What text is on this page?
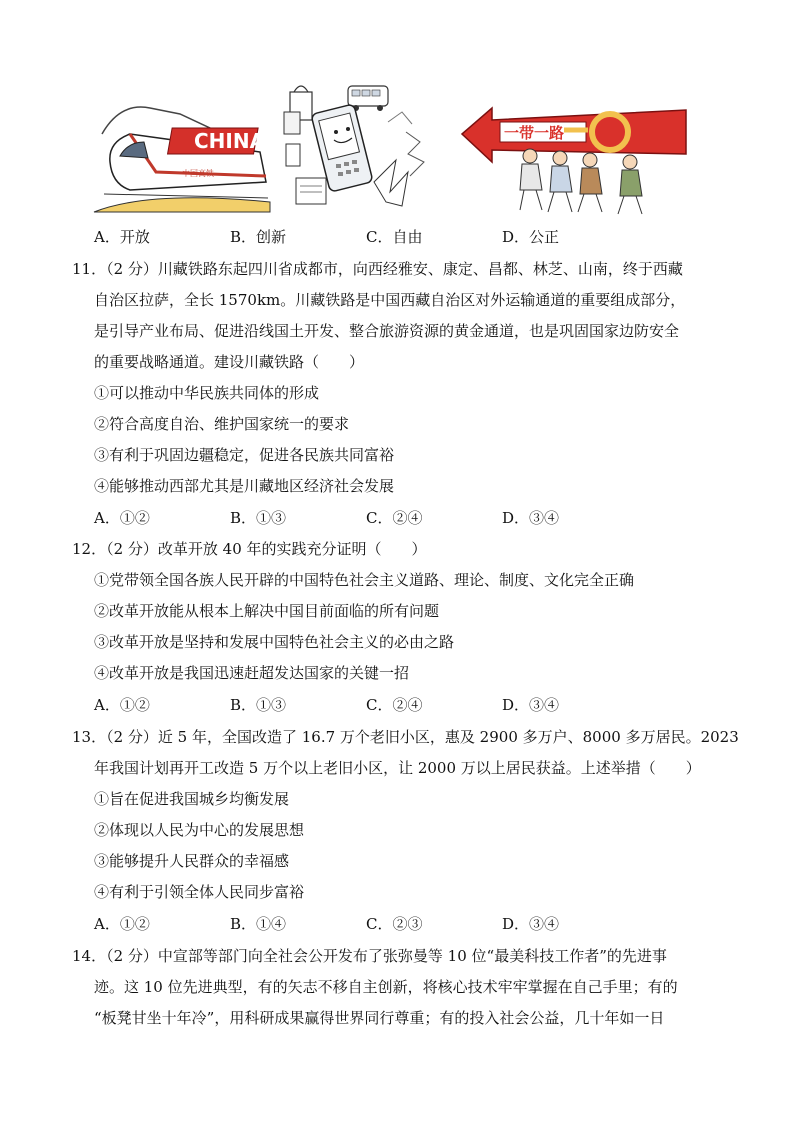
CHINA
中国高铁
一带一路
A．开放	B．创新	C．自由	D．公正
11．（2 分）川藏铁路东起四川省成都市，向西经雅安、康定、昌都、林芝、山南，终于西藏
自治区拉萨，全长 1570km。川藏铁路是中国西藏自治区对外运输通道的重要组成部分，
是引导产业布局、促进沿线国土开发、整合旅游资源的黄金通道，也是巩固国家边防安全
的重要战略通道。建设川藏铁路（　　）
①可以推动中华民族共同体的形成
②符合高度自治、维护国家统一的要求
③有利于巩固边疆稳定，促进各民族共同富裕
④能够推动西部尤其是川藏地区经济社会发展
A．①②	B．①③	C．②④	D．③④
12．（2 分）改革开放 40 年的实践充分证明（　　）
①党带领全国各族人民开辟的中国特色社会主义道路、理论、制度、文化完全正确
②改革开放能从根本上解决中国目前面临的所有问题
③改革开放是坚持和发展中国特色社会主义的必由之路
④改革开放是我国迅速赶超发达国家的关键一招
A．①②	B．①③	C．②④	D．③④
13．（2 分）近 5 年，全国改造了 16.7 万个老旧小区，惠及 2900 多万户、8000 多万居民。2023
年我国计划再开工改造 5 万个以上老旧小区，让 2000 万以上居民获益。上述举措（　　）
①旨在促进我国城乡均衡发展
②体现以人民为中心的发展思想
③能够提升人民群众的幸福感
④有利于引领全体人民同步富裕
A．①②	B．①④	C．②③	D．③④
14．（2 分）中宣部等部门向全社会公开发布了张弥曼等 10 位“最美科技工作者”的先进事
迹。这 10 位先进典型，有的矢志不移自主创新，将核心技术牢牢掌握在自己手里；有的
“板凳甘坐十年冷”，用科研成果赢得世界同行尊重；有的投入社会公益，几十年如一日
